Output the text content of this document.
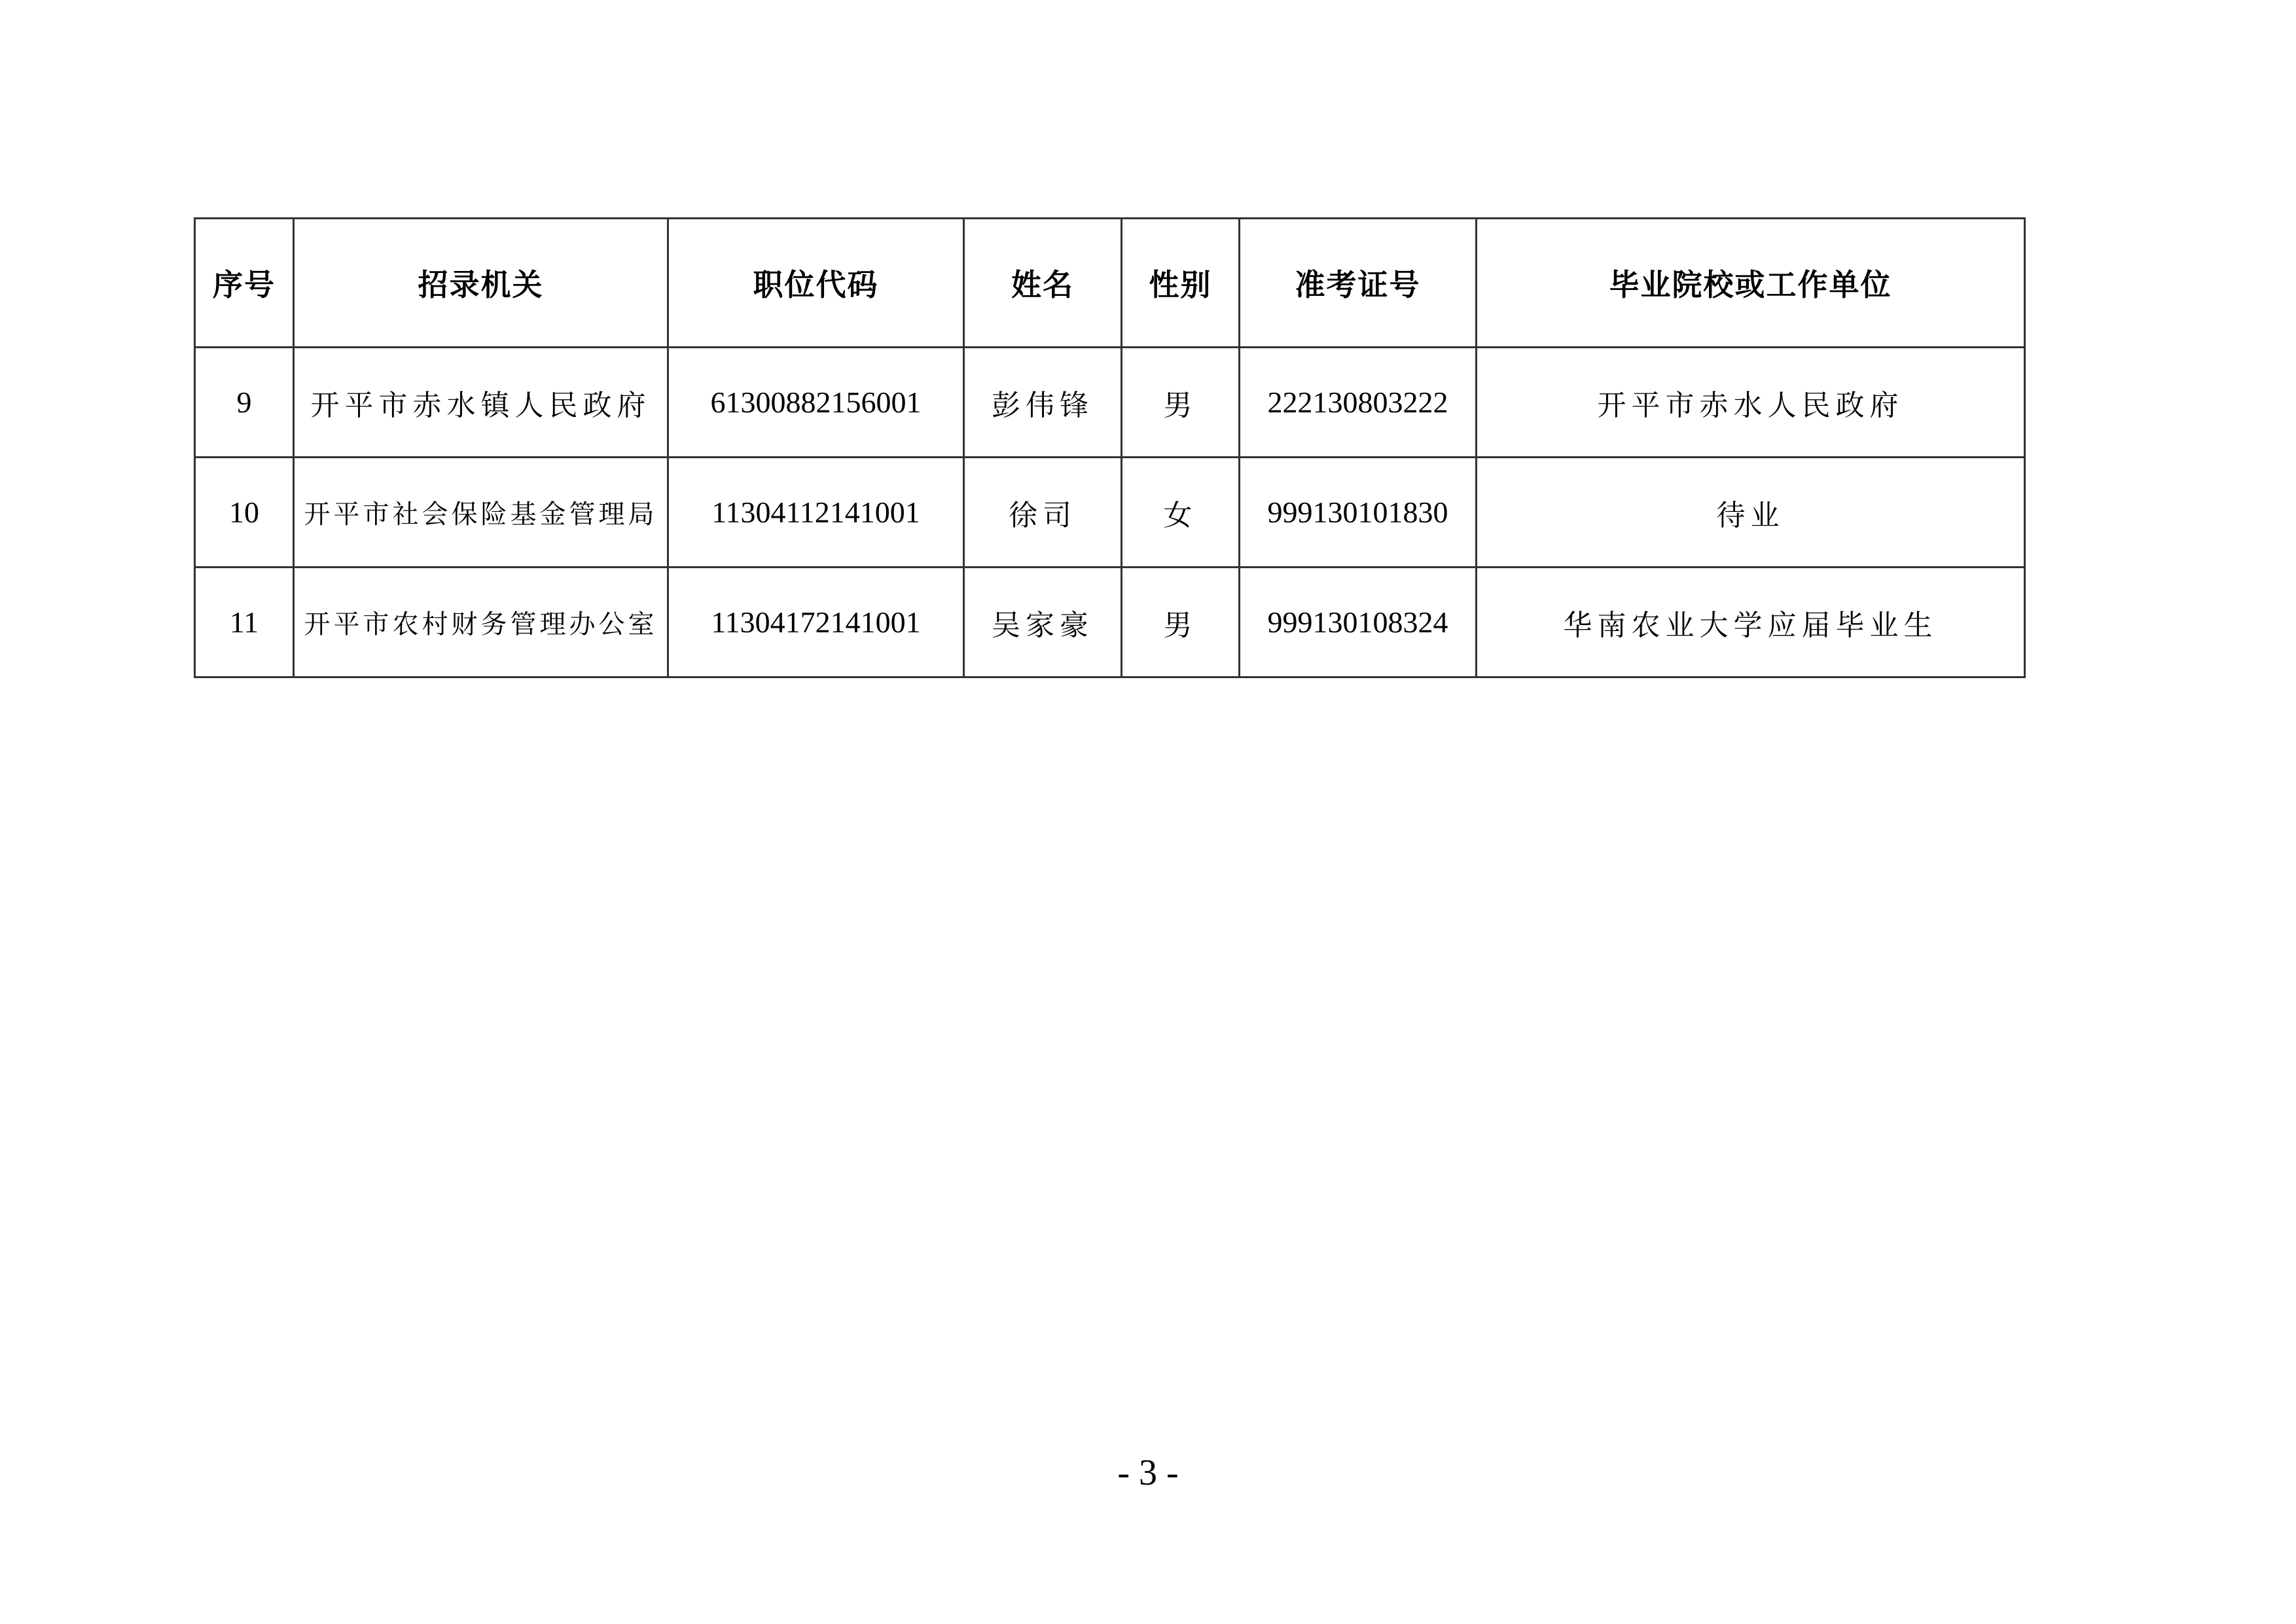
序号	招录机关	职位代码	姓名	性别	准考证号	毕业院校或工作单位
9	开平市赤水镇人民政府	61300882156001	彭伟锋	男	222130803222	开平市赤水人民政府
10	开平市社会保险基金管理局	11304112141001	徐司	女	999130101830	待业
11	开平市农村财务管理办公室	11304172141001	吴家豪	男	999130108324	华南农业大学应届毕业生
- 3 -
